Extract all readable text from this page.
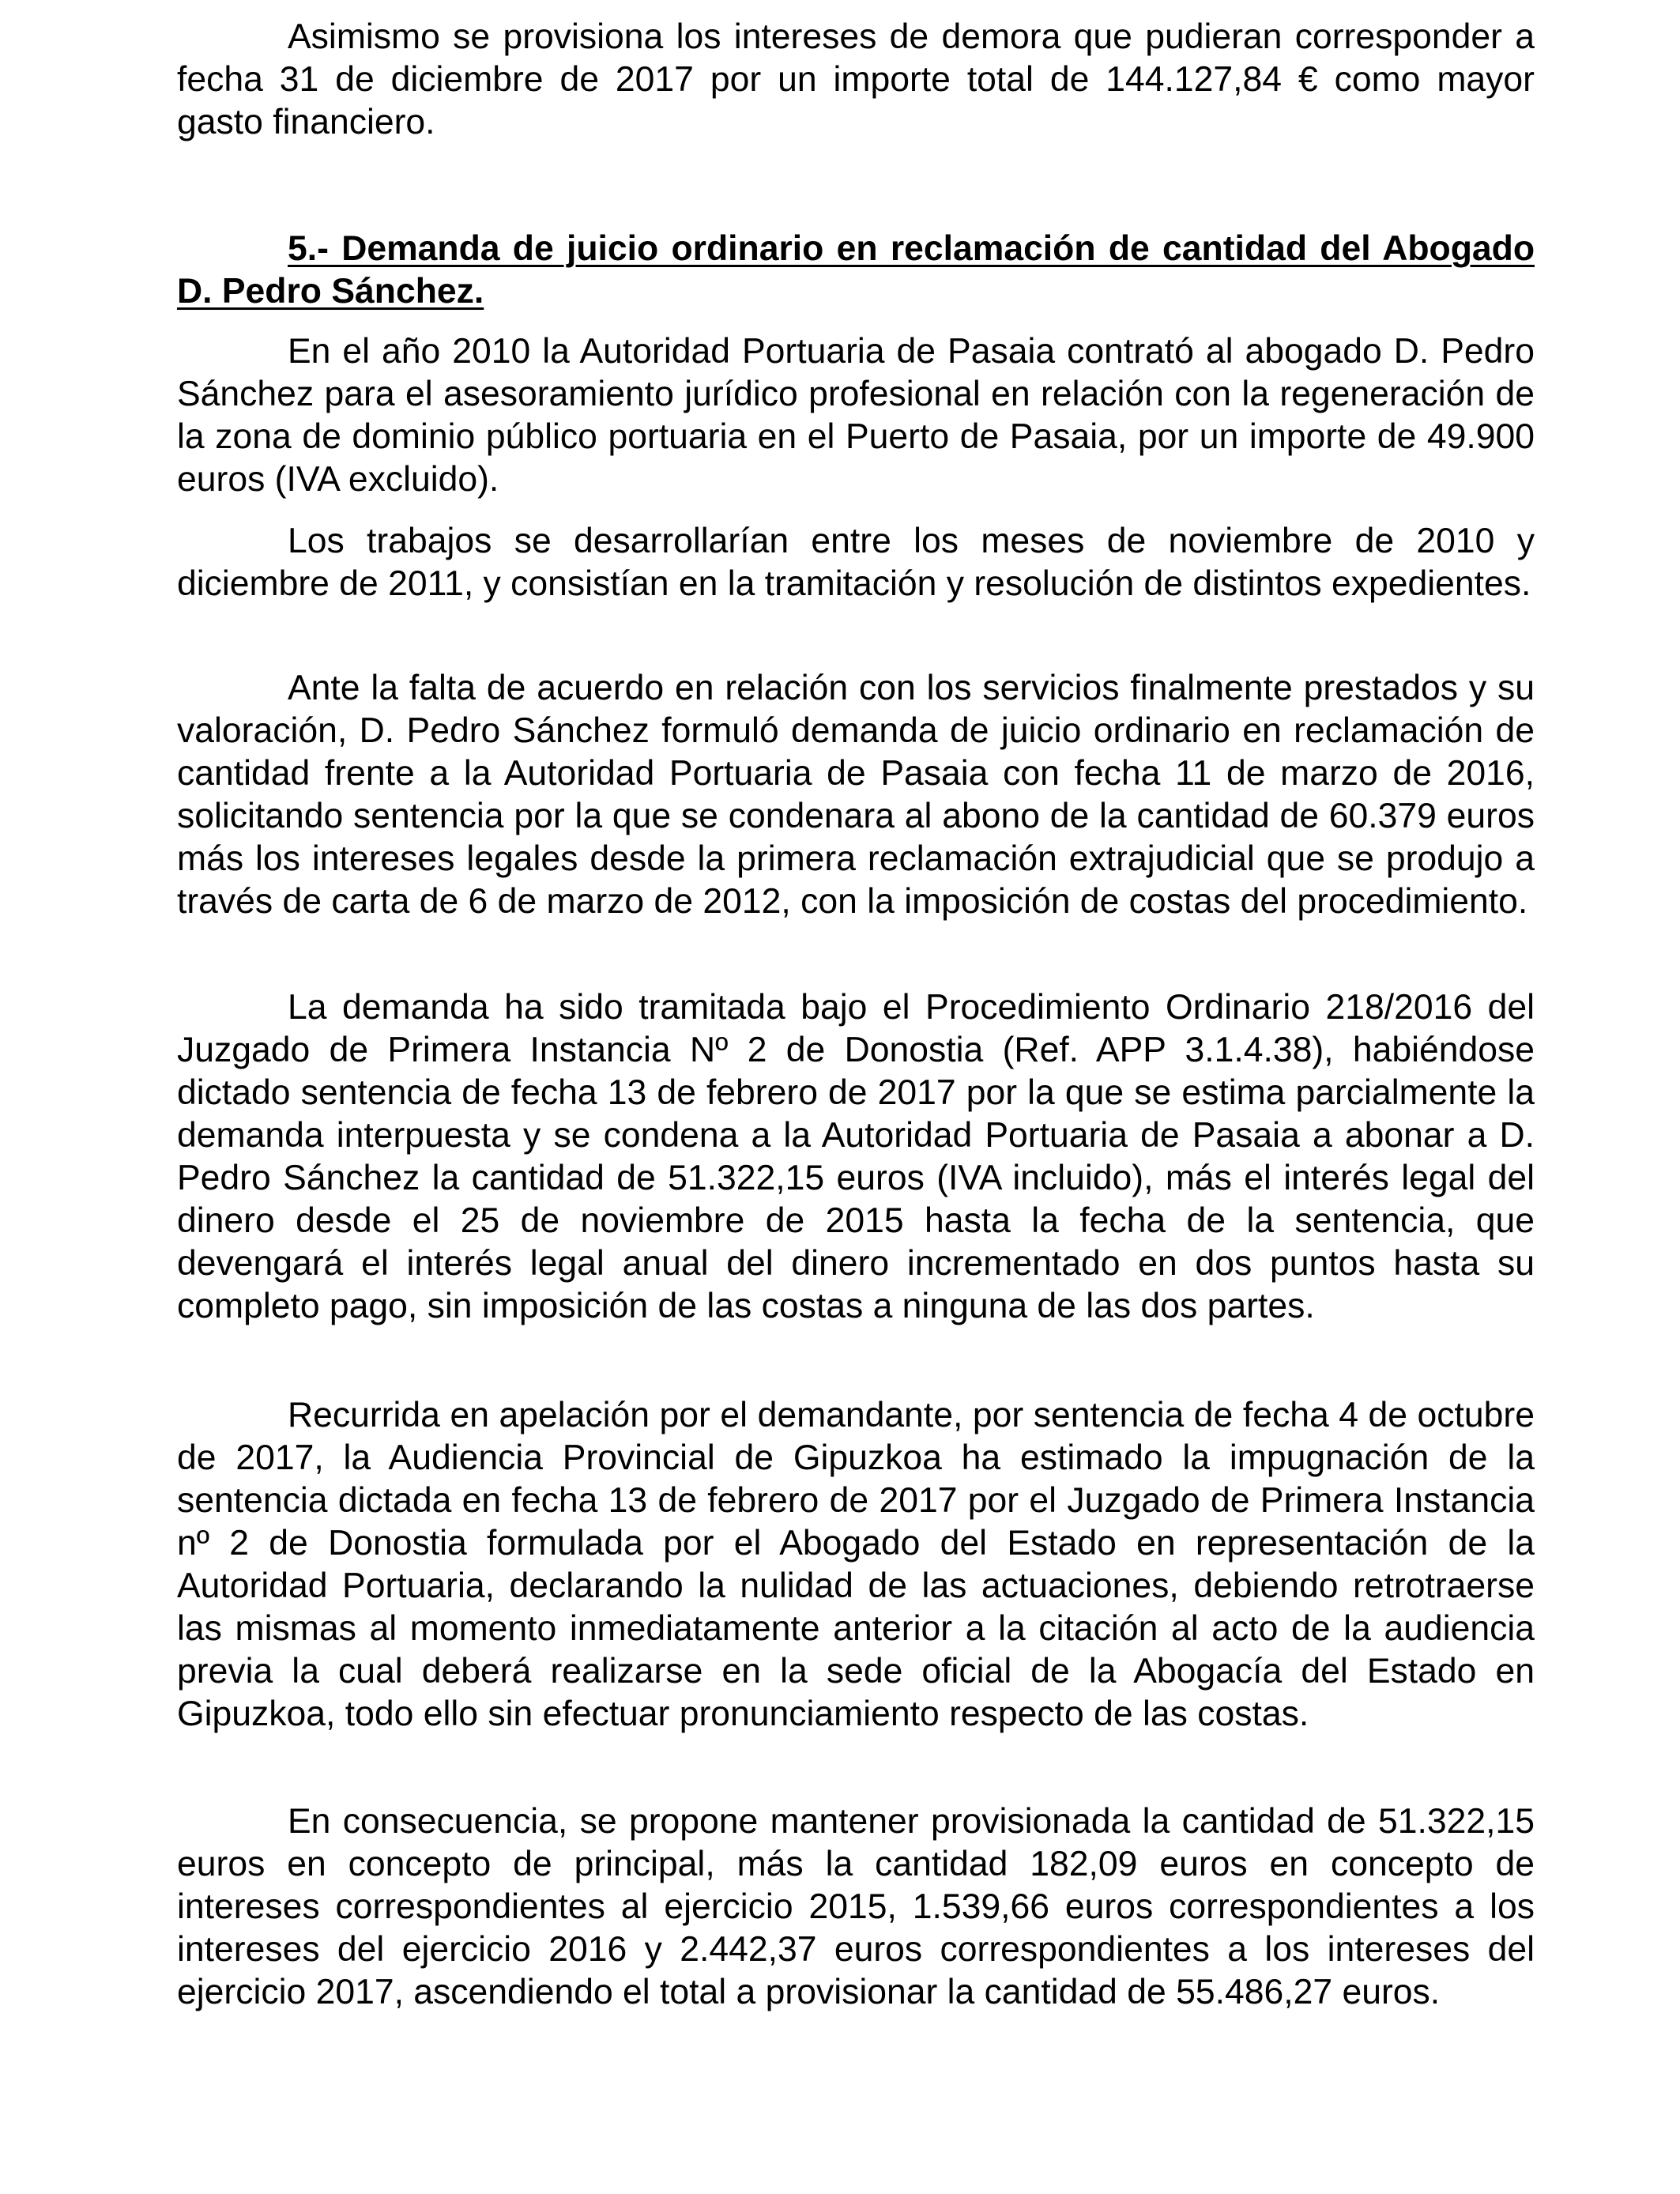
Asimismo se provisiona los intereses de demora que pudieran corresponder a fecha 31 de diciembre de 2017 por un importe total de 144.127,84 € como mayor gasto financiero.

5.- Demanda de juicio ordinario en reclamación de cantidad del Abogado D. Pedro Sánchez.

En el año 2010 la Autoridad Portuaria de Pasaia contrató al abogado D. Pedro Sánchez para el asesoramiento jurídico profesional en relación con la regeneración de la zona de dominio público portuaria en el Puerto de Pasaia, por un importe de 49.900 euros (IVA excluido).

Los trabajos se desarrollarían entre los meses de noviembre de 2010 y diciembre de 2011, y consistían en la tramitación y resolución de distintos expedientes.

Ante la falta de acuerdo en relación con los servicios finalmente prestados y su valoración, D. Pedro Sánchez formuló demanda de juicio ordinario en reclamación de cantidad frente a la Autoridad Portuaria de Pasaia con fecha 11 de marzo de 2016, solicitando sentencia por la que se condenara al abono de la cantidad de 60.379 euros más los intereses legales desde la primera reclamación extrajudicial que se produjo a través de carta de 6 de marzo de 2012, con la imposición de costas del procedimiento.

La demanda ha sido tramitada bajo el Procedimiento Ordinario 218/2016 del Juzgado de Primera Instancia Nº 2 de Donostia (Ref. APP 3.1.4.38), habiéndose dictado sentencia de fecha 13 de febrero de 2017 por la que se estima parcialmente la demanda interpuesta y se condena a la Autoridad Portuaria de Pasaia a abonar a D. Pedro Sánchez la cantidad de 51.322,15 euros (IVA incluido), más el interés legal del dinero desde el 25 de noviembre de 2015 hasta la fecha de la sentencia, que devengará el interés legal anual del dinero incrementado en dos puntos hasta su completo pago, sin imposición de las costas a ninguna de las dos partes.

Recurrida en apelación por el demandante, por sentencia de fecha 4 de octubre de 2017, la Audiencia Provincial de Gipuzkoa ha estimado la impugnación de la sentencia dictada en fecha 13 de febrero de 2017 por el Juzgado de Primera Instancia nº 2 de Donostia formulada por el Abogado del Estado en representación de la Autoridad Portuaria, declarando la nulidad de las actuaciones, debiendo retrotraerse las mismas al momento inmediatamente anterior a la citación al acto de la audiencia previa la cual deberá realizarse en la sede oficial de la Abogacía del Estado en Gipuzkoa, todo ello sin efectuar pronunciamiento respecto de las costas.

En consecuencia, se propone mantener provisionada la cantidad de 51.322,15 euros en concepto de principal, más la cantidad 182,09 euros en concepto de intereses correspondientes al ejercicio 2015, 1.539,66 euros correspondientes a los intereses del ejercicio 2016 y 2.442,37 euros correspondientes a los intereses del ejercicio 2017, ascendiendo el total a provisionar la cantidad de 55.486,27 euros.
